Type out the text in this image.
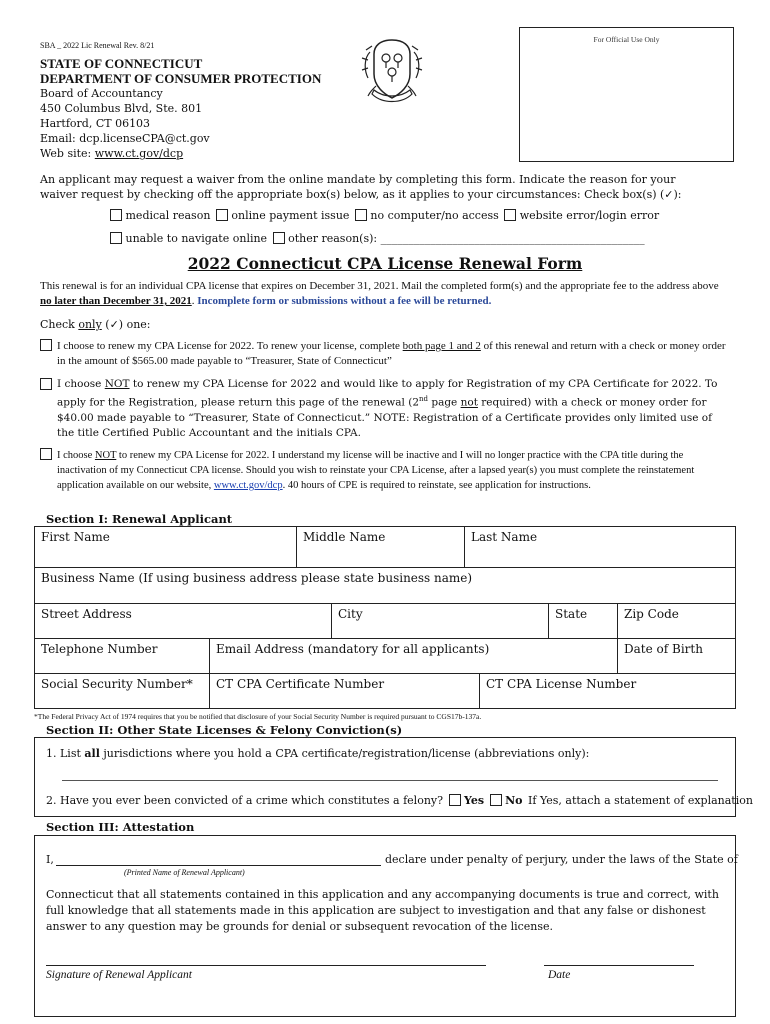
SBA _ 2022 Lic Renewal Rev. 8/21
For Official Use Only
STATE OF CONNECTICUT
DEPARTMENT OF CONSUMER PROTECTION
Board of Accountancy
450 Columbus Blvd, Ste. 801
Hartford, CT 06103
Email: dcp.licenseCPA@ct.gov
Web site: www.ct.gov/dcp

An applicant may request a waiver from the online mandate by completing this form. Indicate the reason for your waiver request by checking off the appropriate box(s) below, as it applies to your circumstances: Check box(s) (✓):

medical reason online payment issue no computer/no access website error/login error
unable to navigate online other reason(s): ________________________________________________
2022 Connecticut CPA License Renewal Form

This renewal is for an individual CPA license that expires on December 31, 2021. Mail the completed form(s) and the appropriate fee to the address above no later than December 31, 2021. Incomplete form or submissions without a fee will be returned.

Check only (✓) one:

I choose to renew my CPA License for 2022. To renew your license, complete both page 1 and 2 of this renewal and return with a check or money order in the amount of $565.00 made payable to “Treasurer, State of Connecticut”

I choose NOT to renew my CPA License for 2022 and would like to apply for Registration of my CPA Certificate for 2022. To apply for the Registration, please return this page of the renewal (2nd page not required) with a check or money order for $40.00 made payable to “Treasurer, State of Connecticut.” NOTE: Registration of a Certificate provides only limited use of the title Certified Public Accountant and the initials CPA.

I choose NOT to renew my CPA License for 2022. I understand my license will be inactive and I will no longer practice with the CPA title during the inactivation of my Connecticut CPA license. Should you wish to reinstate your CPA License, after a lapsed year(s) you must complete the reinstatement application available on our website, www.ct.gov/dcp. 40 hours of CPE is required to reinstate, see application for instructions.

Section I: Renewal Applicant
First Name	Middle Name	Last Name
Business Name (If using business address please state business name)
Street Address	City	State	Zip Code
Telephone Number	Email Address (mandatory for all applicants)	Date of Birth
Social Security Number*	CT CPA Certificate Number	CT CPA License Number
*The Federal Privacy Act of 1974 requires that you be notified that disclosure of your Social Security Number is required pursuant to CGS17b-137a.
Section II: Other State Licenses & Felony Conviction(s)
1. List all jurisdictions where you hold a CPA certificate/registration/license (abbreviations only):
2. Have you ever been convicted of a crime which constitutes a felony? Yes No If Yes, attach a statement of explanation
Section III: Attestation
I,	declare under penalty of perjury, under the laws of the State of
(Printed Name of Renewal Applicant)

Connecticut that all statements contained in this application and any accompanying documents is true and correct, with full knowledge that all statements made in this application are subject to investigation and that any false or dishonest answer to any question may be grounds for denial or subsequent revocation of the license.

Signature of Renewal Applicant	Date
